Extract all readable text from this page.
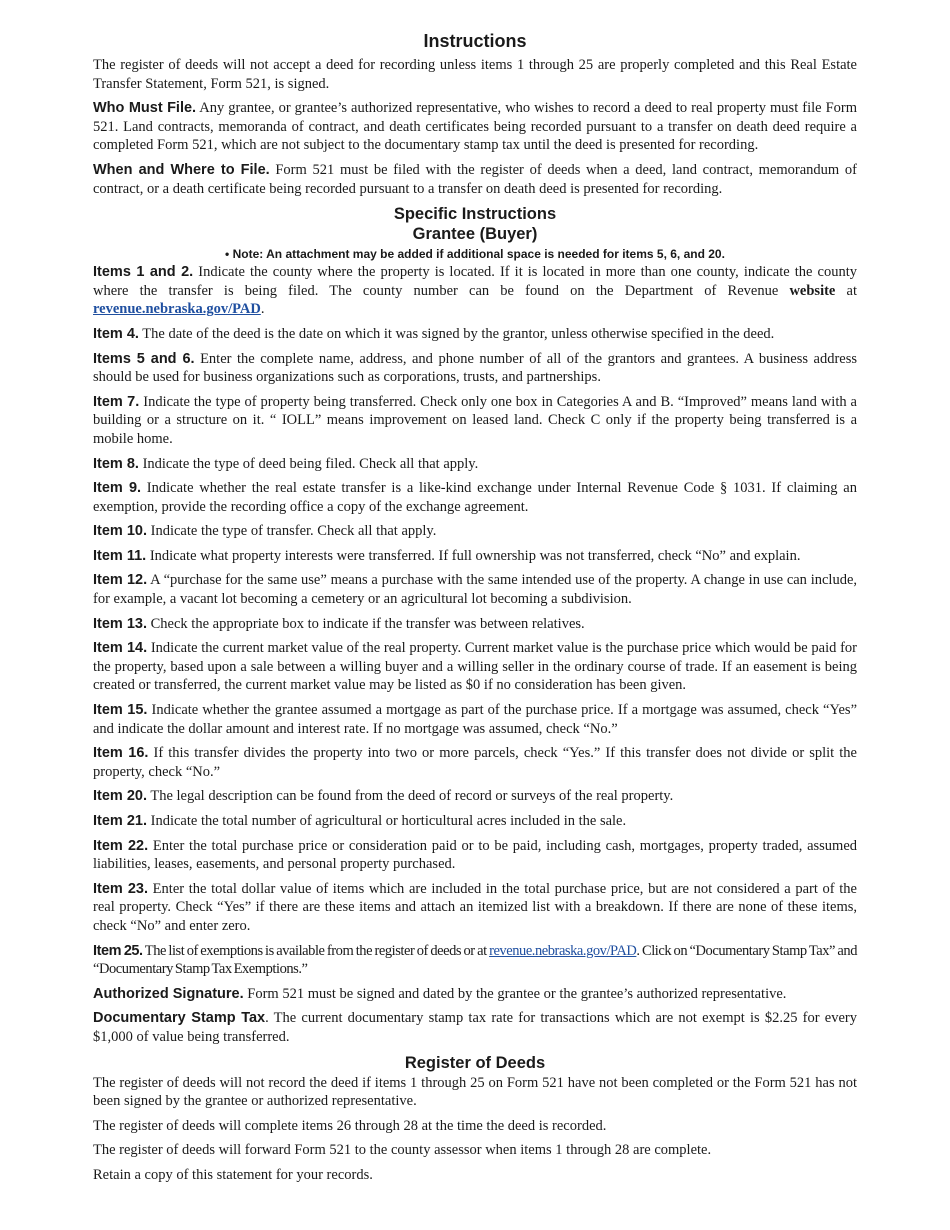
Instructions

The register of deeds will not accept a deed for recording unless items 1 through 25 are properly completed and this Real Estate Transfer Statement, Form 521, is signed.

Who Must File. Any grantee, or grantee’s authorized representative, who wishes to record a deed to real property must file Form 521. Land contracts, memoranda of contract, and death certificates being recorded pursuant to a transfer on death deed require a completed Form 521, which are not subject to the documentary stamp tax until the deed is presented for recording.

When and Where to File. Form 521 must be filed with the register of deeds when a deed, land contract, memorandum of contract, or a death certificate being recorded pursuant to a transfer on death deed is presented for recording.

Specific Instructions
Grantee (Buyer)
• Note: An attachment may be added if additional space is needed for items 5, 6, and 20.

Items 1 and 2. Indicate the county where the property is located. If it is located in more than one county, indicate the county where the transfer is being filed. The county number can be found on the Department of Revenue website at revenue.nebraska.gov/PAD.

Item 4. The date of the deed is the date on which it was signed by the grantor, unless otherwise specified in the deed.

Items 5 and 6. Enter the complete name, address, and phone number of all of the grantors and grantees. A business address should be used for business organizations such as corporations, trusts, and partnerships.

Item 7. Indicate the type of property being transferred. Check only one box in Categories A and B. “Improved” means land with a building or a structure on it. “ IOLL” means improvement on leased land. Check C only if the property being transferred is a mobile home.

Item 8. Indicate the type of deed being filed. Check all that apply.

Item 9. Indicate whether the real estate transfer is a like-kind exchange under Internal Revenue Code § 1031. If claiming an exemption, provide the recording office a copy of the exchange agreement.

Item 10. Indicate the type of transfer. Check all that apply.

Item 11. Indicate what property interests were transferred. If full ownership was not transferred, check “No” and explain.

Item 12. A “purchase for the same use” means a purchase with the same intended use of the property. A change in use can include, for example, a vacant lot becoming a cemetery or an agricultural lot becoming a subdivision.

Item 13. Check the appropriate box to indicate if the transfer was between relatives.

Item 14. Indicate the current market value of the real property. Current market value is the purchase price which would be paid for the property, based upon a sale between a willing buyer and a willing seller in the ordinary course of trade. If an easement is being created or transferred, the current market value may be listed as $0 if no consideration has been given.

Item 15. Indicate whether the grantee assumed a mortgage as part of the purchase price. If a mortgage was assumed, check “Yes” and indicate the dollar amount and interest rate. If no mortgage was assumed, check “No.”

Item 16. If this transfer divides the property into two or more parcels, check “Yes.” If this transfer does not divide or split the property, check “No.”

Item 20. The legal description can be found from the deed of record or surveys of the real property.

Item 21. Indicate the total number of agricultural or horticultural acres included in the sale.

Item 22. Enter the total purchase price or consideration paid or to be paid, including cash, mortgages, property traded, assumed liabilities, leases, easements, and personal property purchased.

Item 23. Enter the total dollar value of items which are included in the total purchase price, but are not considered a part of the real property. Check “Yes” if there are these items and attach an itemized list with a breakdown. If there are none of these items, check “No” and enter zero.

Item 25. The list of exemptions is available from the register of deeds or at revenue.nebraska.gov/PAD. Click on “Documentary Stamp Tax” and “Documentary Stamp Tax Exemptions.”

Authorized Signature. Form 521 must be signed and dated by the grantee or the grantee’s authorized representative.

Documentary Stamp Tax. The current documentary stamp tax rate for transactions which are not exempt is $2.25 for every $1,000 of value being transferred.

Register of Deeds

The register of deeds will not record the deed if items 1 through 25 on Form 521 have not been completed or the Form 521 has not been signed by the grantee or authorized representative.

The register of deeds will complete items 26 through 28 at the time the deed is recorded.

The register of deeds will forward Form 521 to the county assessor when items 1 through 28 are complete.

Retain a copy of this statement for your records.
